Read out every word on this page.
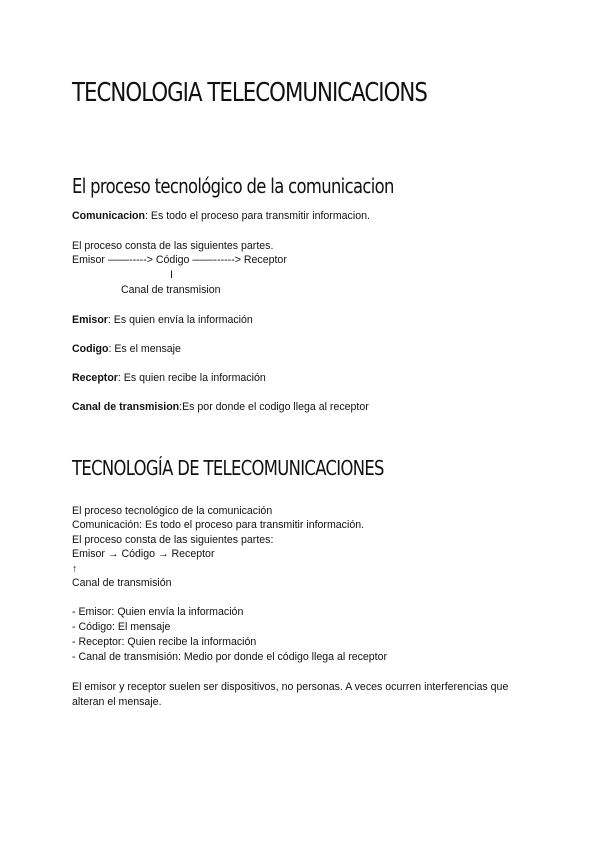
TECNOLOGIA TELECOMUNICACIONS
El proceso tecnológico de la comunicacion
Comunicacion: Es todo el proceso para transmitir informacion.
El proceso consta de las siguientes partes.
Emisor ——-----> Código ——------> Receptor
I
Canal de transmision
Emisor: Es quien envía la información
Codigo: Es el mensaje
Receptor: Es quien recibe la información
Canal de transmision:Es por donde el codigo llega al receptor
TECNOLOGÍA DE TELECOMUNICACIONES
El proceso tecnológico de la comunicación
Comunicación: Es todo el proceso para transmitir información.
El proceso consta de las siguientes partes:
Emisor → Código → Receptor
↑
Canal de transmisión
- Emisor: Quien envía la información
- Código: El mensaje
- Receptor: Quien recibe la información
- Canal de transmisión: Medio por donde el código llega al receptor
El emisor y receptor suelen ser dispositivos, no personas. A veces ocurren interferencias que
alteran el mensaje.
